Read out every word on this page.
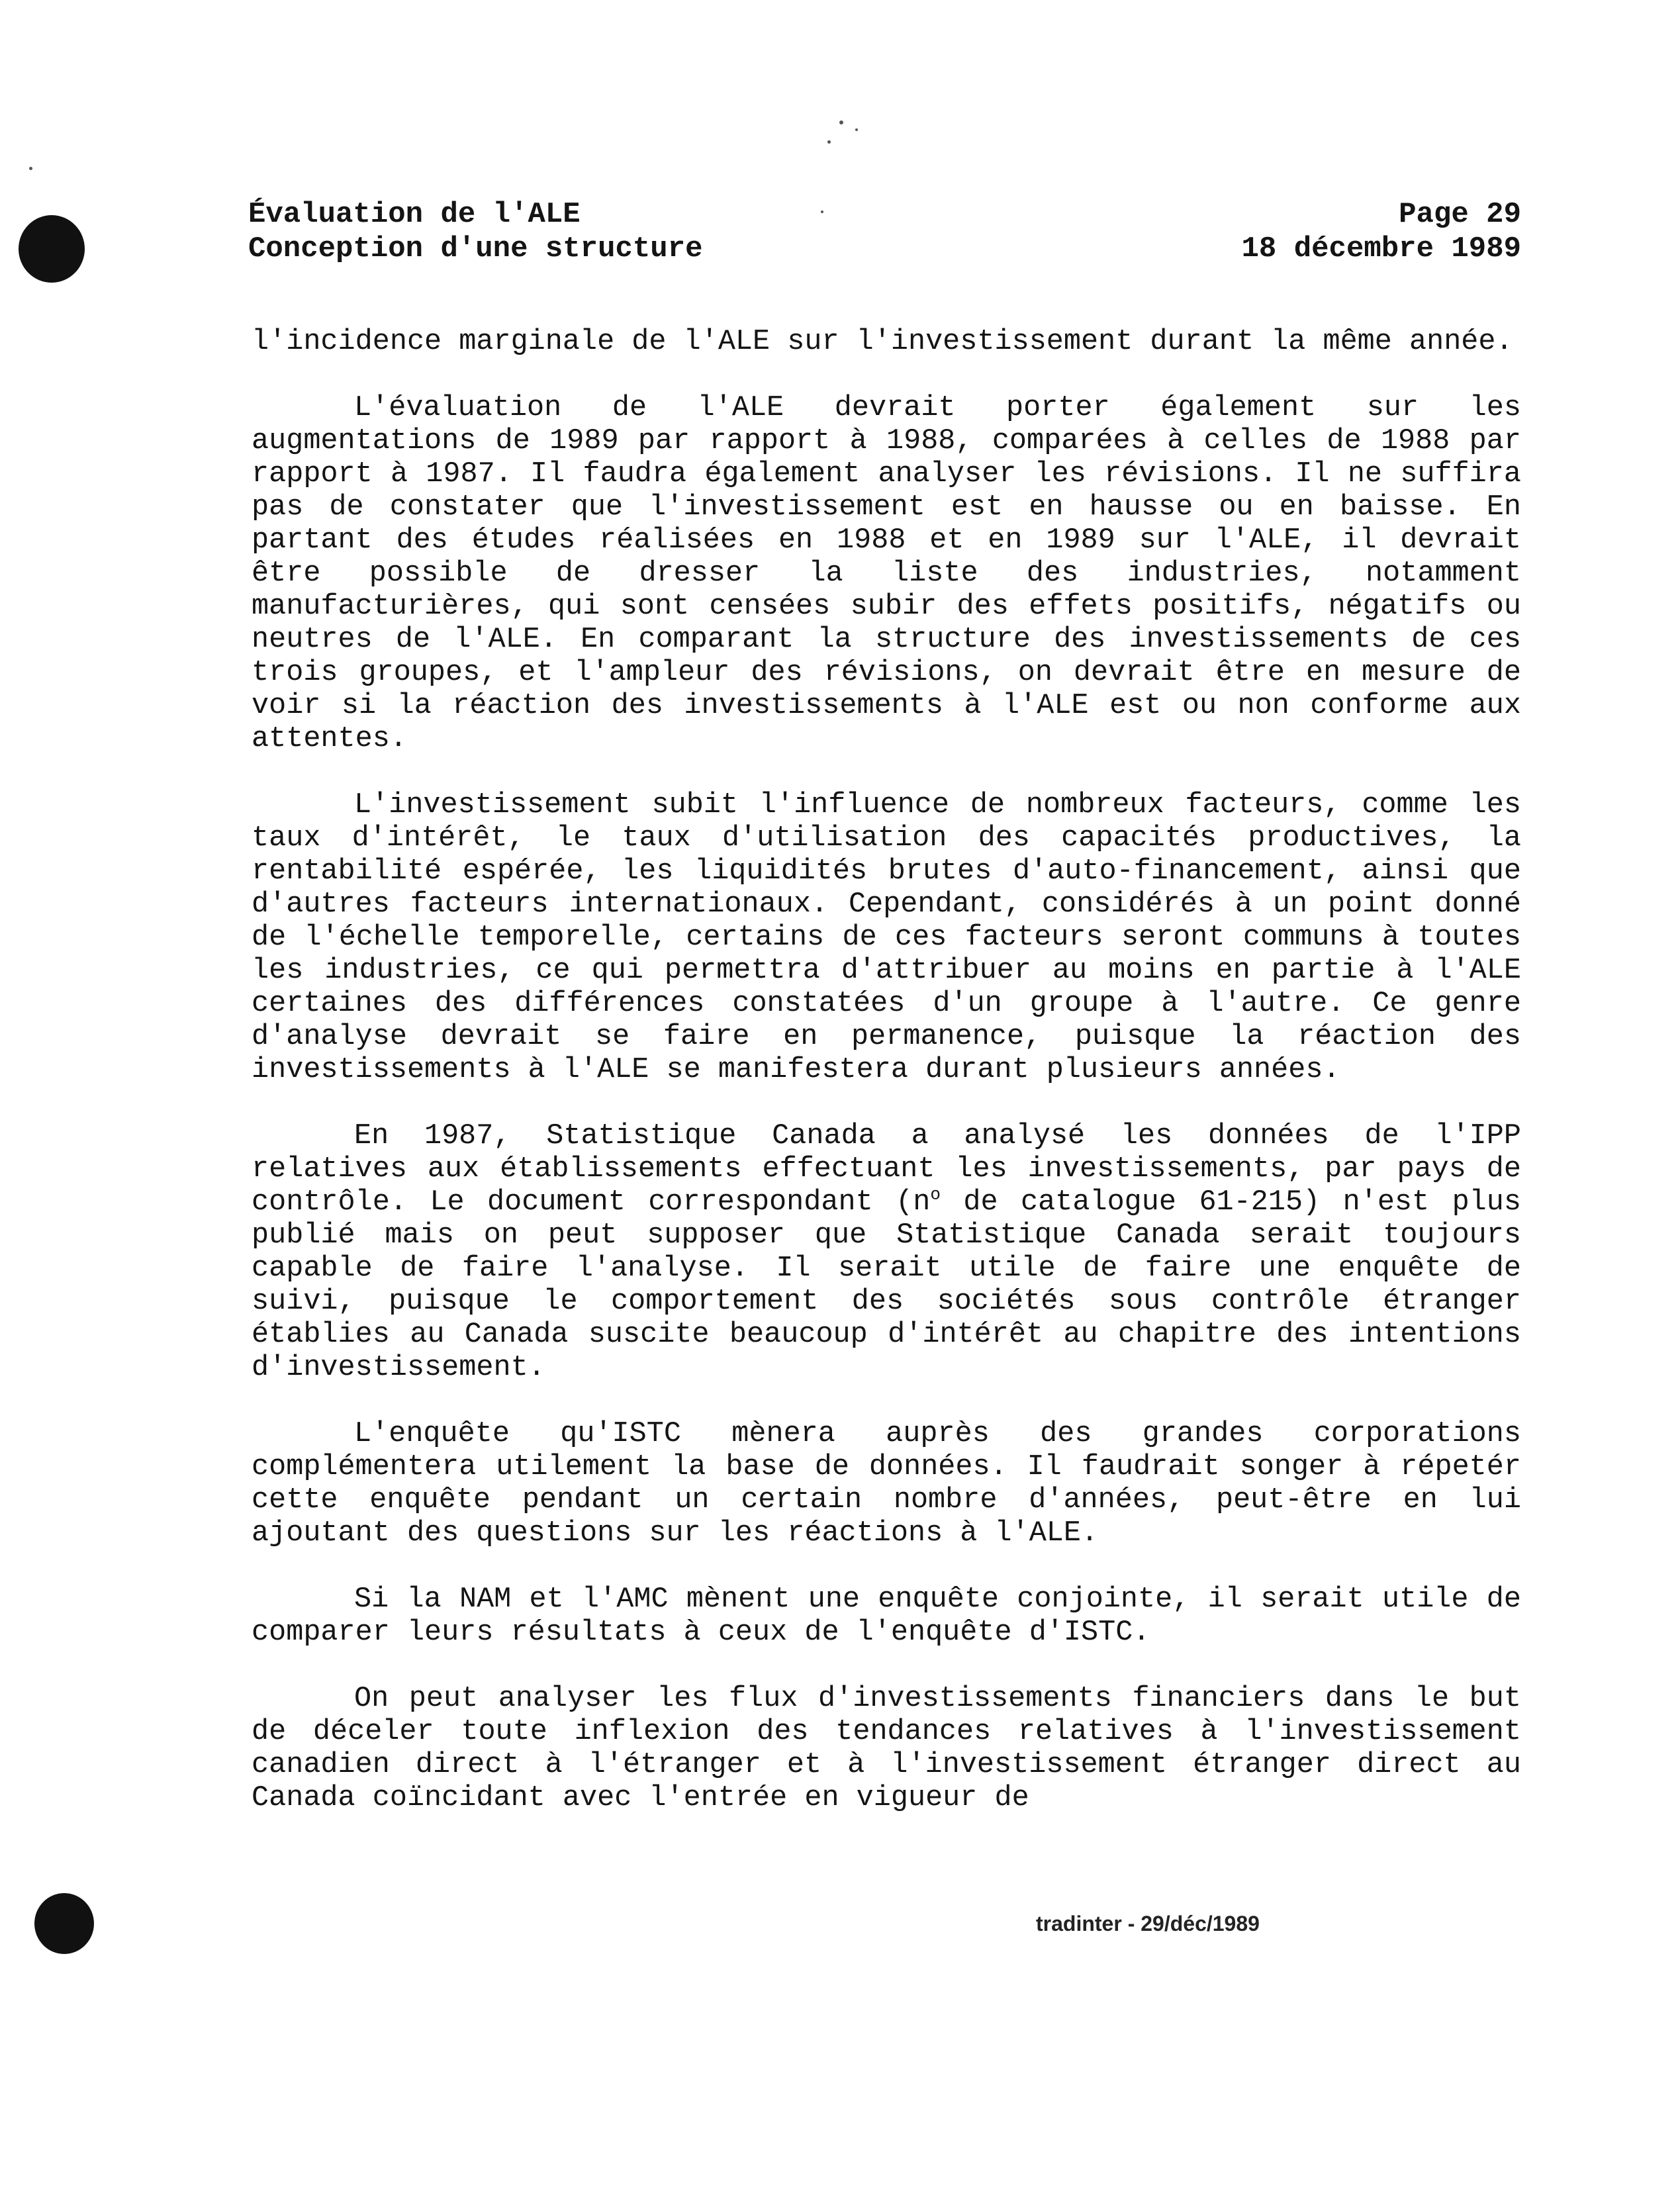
Évaluation de l'ALE	Page 29
Conception d'une structure	18 décembre 1989

l'incidence marginale de l'ALE sur l'investissement durant la même année.

L'évaluation de l'ALE devrait porter également sur les augmentations de 1989 par rapport à 1988, comparées à celles de 1988 par rapport à 1987. Il faudra également analyser les révisions. Il ne suffira pas de constater que l'investissement est en hausse ou en baisse. En partant des études réalisées en 1988 et en 1989 sur l'ALE, il devrait être possible de dresser la liste des industries, notamment manufacturières, qui sont censées subir des effets positifs, négatifs ou neutres de l'ALE. En comparant la structure des investissements de ces trois groupes, et l'ampleur des révisions, on devrait être en mesure de voir si la réaction des investissements à l'ALE est ou non conforme aux attentes.

L'investissement subit l'influence de nombreux facteurs, comme les taux d'intérêt, le taux d'utilisation des capacités productives, la rentabilité espérée, les liquidités brutes d'auto-financement, ainsi que d'autres facteurs internationaux. Cependant, considérés à un point donné de l'échelle temporelle, certains de ces facteurs seront communs à toutes les industries, ce qui permettra d'attribuer au moins en partie à l'ALE certaines des différences constatées d'un groupe à l'autre. Ce genre d'analyse devrait se faire en permanence, puisque la réaction des investissements à l'ALE se manifestera durant plusieurs années.

En 1987, Statistique Canada a analysé les données de l'IPP relatives aux établissements effectuant les investissements, par pays de contrôle. Le document correspondant ($n^o$ de catalogue 61-215) n'est plus publié mais on peut supposer que Statistique Canada serait toujours capable de faire l'analyse. Il serait utile de faire une enquête de suivi, puisque le comportement des sociétés sous contrôle étranger établies au Canada suscite beaucoup d'intérêt au chapitre des intentions d'investissement.

L'enquête qu'ISTC mènera auprès des grandes corporations complémentera utilement la base de données. Il faudrait songer à répetér cette enquête pendant un certain nombre d'années, peut-être en lui ajoutant des questions sur les réactions à l'ALE.

Si la NAM et l'AMC mènent une enquête conjointe, il serait utile de comparer leurs résultats à ceux de l'enquête d'ISTC.

On peut analyser les flux d'investissements financiers dans le but de déceler toute inflexion des tendances relatives à l'investissement canadien direct à l'étranger et à l'investissement étranger direct au Canada coïncidant avec l'entrée en vigueur de

tradinter - 29/déc/1989
